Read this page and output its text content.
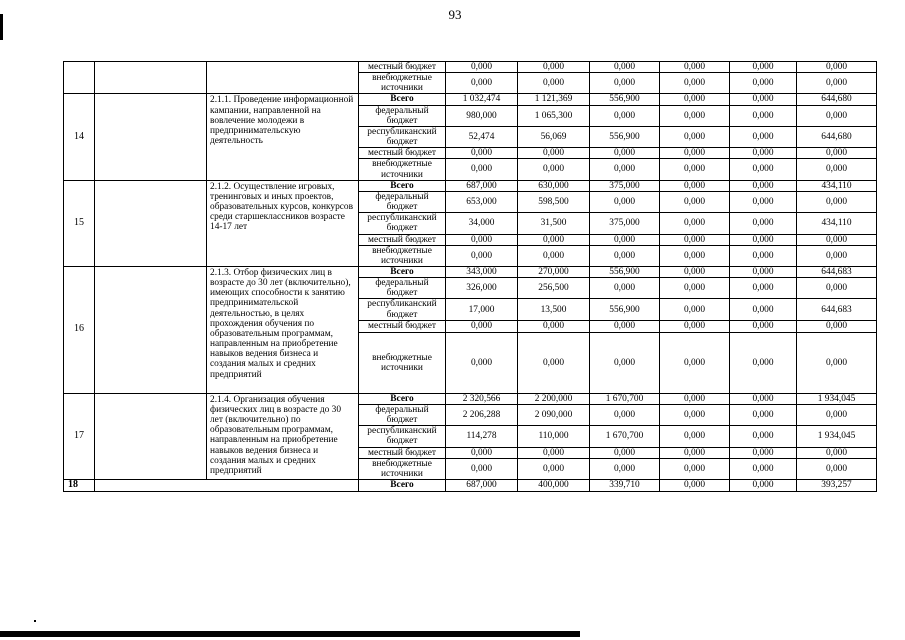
93
			местный бюджет	0,000	0,000	0,000	0,000	0,000	0,000
			внебюджетные источники	0,000	0,000	0,000	0,000	0,000	0,000
14		2.1.1. Проведение информационной кампании, направленной на вовлечение молодежи в предпринимательскую деятельность	Всего	1 032,474	1 121,369	556,900	0,000	0,000	644,680
			федеральный бюджет	980,000	1 065,300	0,000	0,000	0,000	0,000
			республиканский бюджет	52,474	56,069	556,900	0,000	0,000	644,680
			местный бюджет	0,000	0,000	0,000	0,000	0,000	0,000
			внебюджетные источники	0,000	0,000	0,000	0,000	0,000	0,000
15		2.1.2. Осуществление игровых, тренинговых и иных проектов, образовательных курсов, конкурсов среди старшеклассников возрасте 14-17 лет	Всего	687,000	630,000	375,000	0,000	0,000	434,110
			федеральный бюджет	653,000	598,500	0,000	0,000	0,000	0,000
			республиканский бюджет	34,000	31,500	375,000	0,000	0,000	434,110
			местный бюджет	0,000	0,000	0,000	0,000	0,000	0,000
			внебюджетные источники	0,000	0,000	0,000	0,000	0,000	0,000
16		2.1.3. Отбор физических лиц в возрасте до 30 лет (включительно), имеющих способности к занятию предпринимательской деятельностью, в целях прохождения обучения по образовательным программам, направленным на приобретение навыков ведения бизнеса и создания малых и средних предприятий	Всего	343,000	270,000	556,900	0,000	0,000	644,683
			федеральный бюджет	326,000	256,500	0,000	0,000	0,000	0,000
			республиканский бюджет	17,000	13,500	556,900	0,000	0,000	644,683
			местный бюджет	0,000	0,000	0,000	0,000	0,000	0,000
			внебюджетные источники	0,000	0,000	0,000	0,000	0,000	0,000
17		2.1.4. Организация обучения физических лиц в возрасте до 30 лет (включительно) по образовательным программам, направленным на приобретение навыков ведения бизнеса и создания малых и средних предприятий	Всего	2 320,566	2 200,000	1 670,700	0,000	0,000	1 934,045
			федеральный бюджет	2 206,288	2 090,000	0,000	0,000	0,000	0,000
			республиканский бюджет	114,278	110,000	1 670,700	0,000	0,000	1 934,045
			местный бюджет	0,000	0,000	0,000	0,000	0,000	0,000
			внебюджетные источники	0,000	0,000	0,000	0,000	0,000	0,000
18			Всего	687,000	400,000	339,710	0,000	0,000	393,257
